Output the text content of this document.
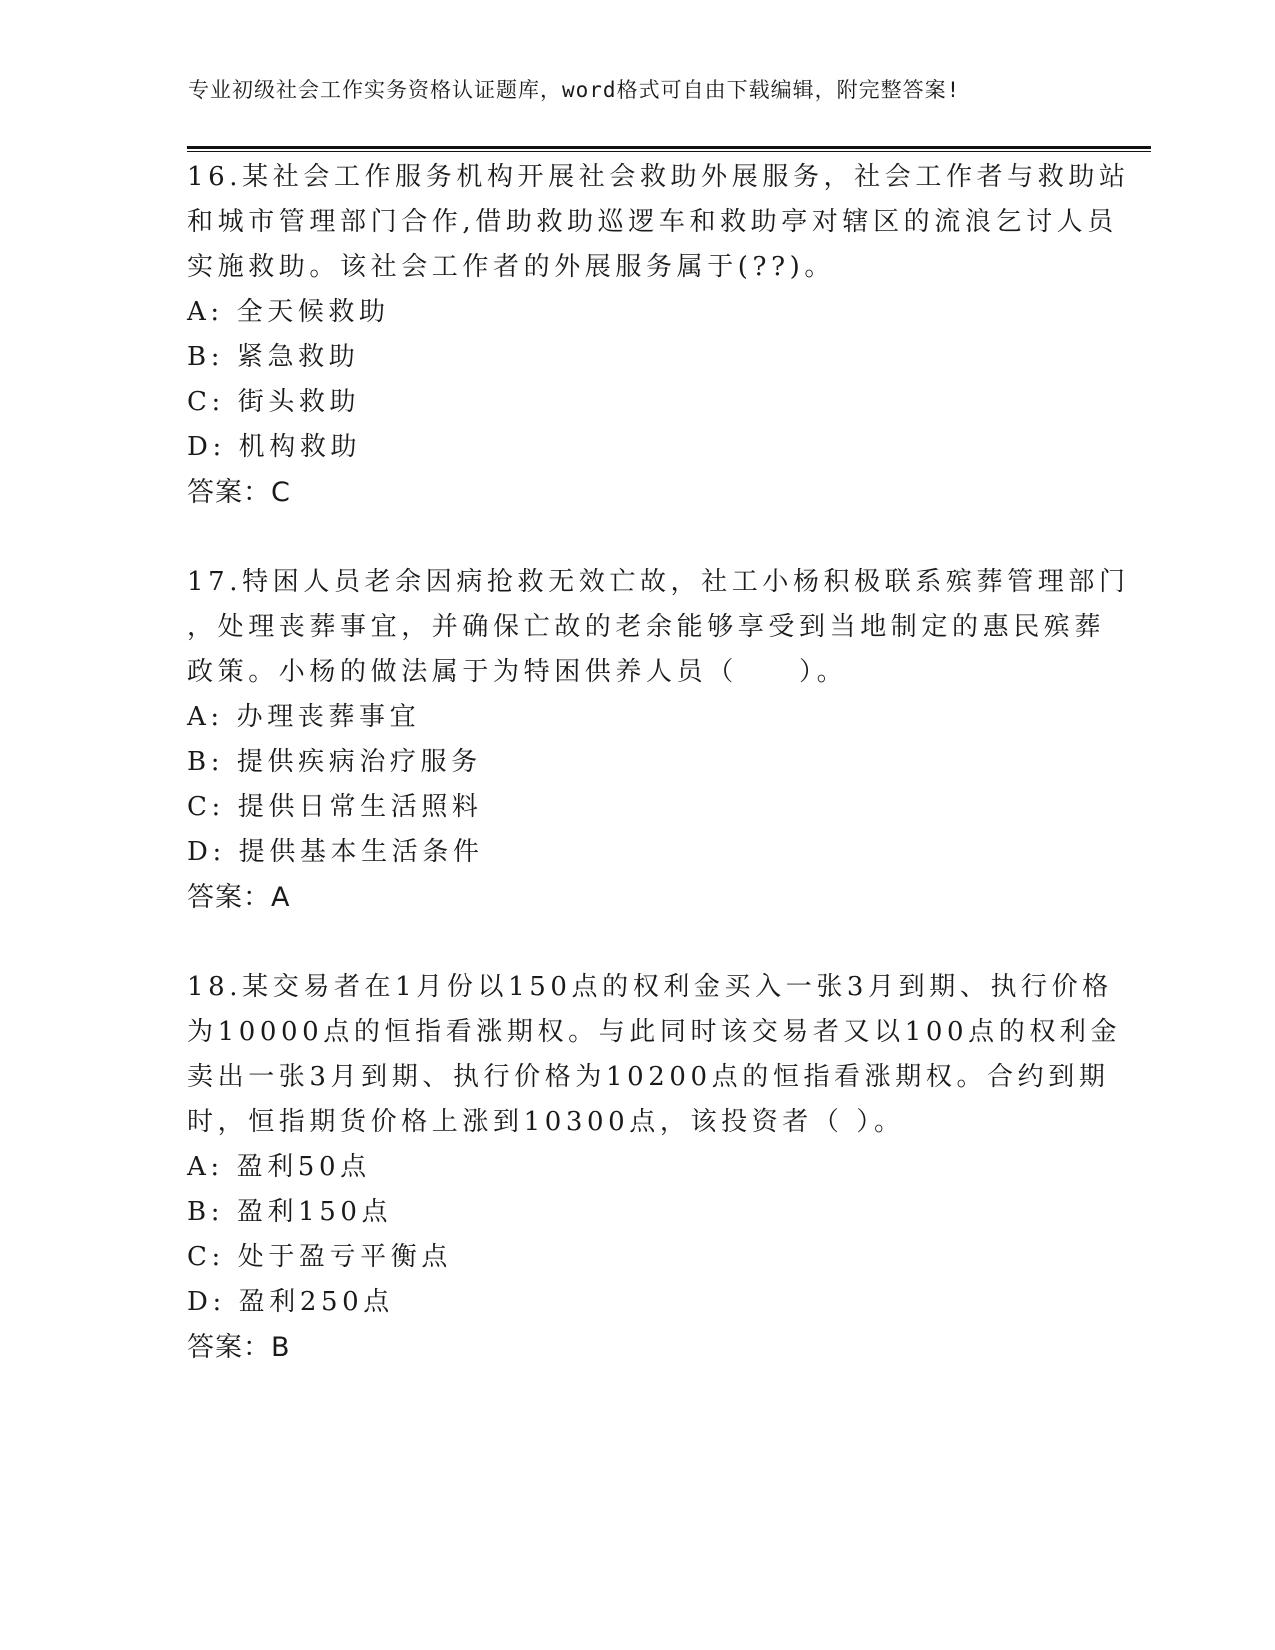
专业初级社会工作实务资格认证题库，word格式可自由下载编辑，附完整答案!
16.某社会工作服务机构开展社会救助外展服务，社会工作者与救助站
和城市管理部门合作,借助救助巡逻车和救助亭对辖区的流浪乞讨人员
实施救助。该社会工作者的外展服务属于(??)。
A: 全天候救助
B: 紧急救助
C: 街头救助
D: 机构救助
答案：C
17.特困人员老余因病抢救无效亡故，社工小杨积极联系殡葬管理部门
，处理丧葬事宜，并确保亡故的老余能够享受到当地制定的惠民殡葬
政策。小杨的做法属于为特困供养人员（　　）。
A: 办理丧葬事宜
B: 提供疾病治疗服务
C: 提供日常生活照料
D: 提供基本生活条件
答案：A
18.某交易者在1月份以150点的权利金买入一张3月到期、执行价格
为10000点的恒指看涨期权。与此同时该交易者又以100点的权利金
卖出一张3月到期、执行价格为10200点的恒指看涨期权。合约到期
时，恒指期货价格上涨到10300点，该投资者（ ）。
A: 盈利50点
B: 盈利150点
C: 处于盈亏平衡点
D: 盈利250点
答案：B
